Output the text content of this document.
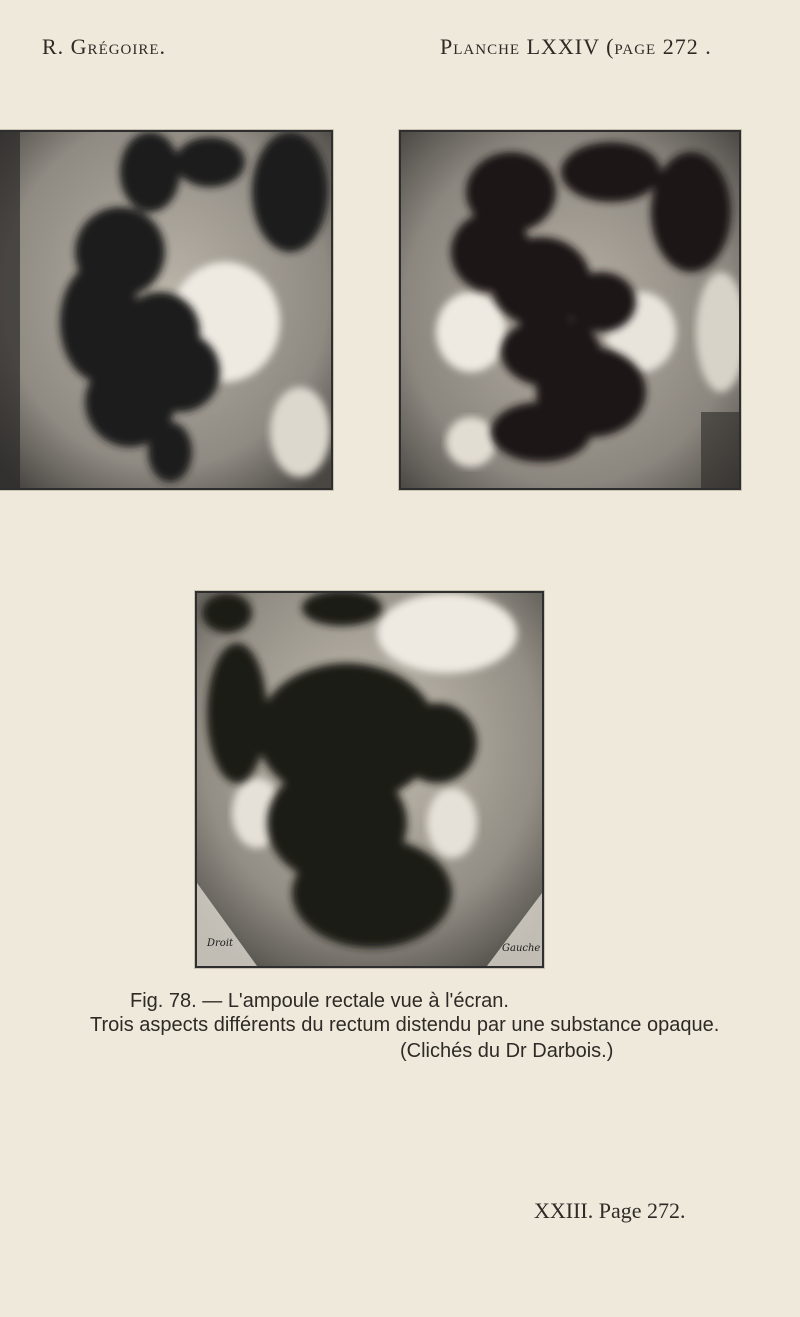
R. Grégoire.	Planche LXXIV (page 272 .
Droit	Gauche
Fig. 78. — L'ampoule rectale vue à l'écran.
Trois aspects différents du rectum distendu par une substance opaque.
(Clichés du Dr Darbois.)
XXIII. Page 272.
